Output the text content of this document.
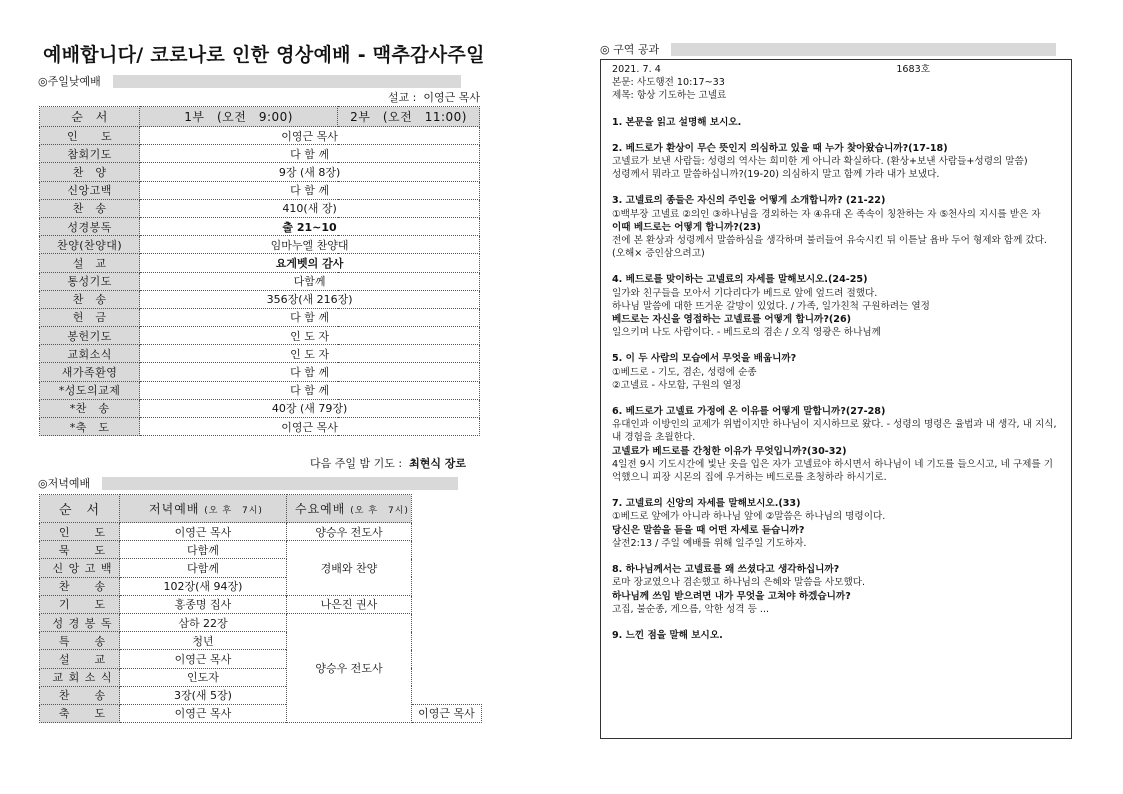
예배합니다/ 코로나로 인한 영상예배 - 맥추감사주일
◎주일낮예배
설교 : 이영근 목사
순　서	1부　(오전　9:00)	2부　(오전　11:00)
인　　도	이영근 목사	
참회기도	다 함 께	
찬　양	9장 (새 8장)	
신앙고백	다 함 께	
찬　송	410(새 장)	
성경봉독	출 21~10	
찬양(찬양대)	임마누엘 찬양대	
설　교	요게벳의 감사	
통성기도	다함께	
찬　송	356장(새 216장)	
헌　금	다 함 께	
봉헌기도	인 도 자	
교회소식	인 도 자	
새가족환영	다 함 께	
*성도의교제	다 함 께	
*찬　송	40장 (새 79장)	
*축　도	이영근 목사	
다음 주일 밤 기도 : 최현식 장로
◎저녁예배
순　서	저녁예배 (오 후　7시)	수요예배 (오 후　7시)	
인　　도	이영근 목사	양승우 전도사	
묵　　도	다함께	경배와 찬양	
신 앙 고 백	다함께		
찬　　송	102장(새 94장)		
기　　도	홍종명 집사	나은진 권사	
성 경 봉 독	삼하 22장	양승우 전도사	
특　　송	청년		
설　　교	이영근 목사		
교 회 소 식	인도자		
찬　　송	3장(새 5장)		
축　　도	이영근 목사		이영근 목사
◎ 구역 공과

2021. 7. 4	1683호

본문: 사도행전 10:17~33

제목: 항상 기도하는 고넬료

1. 본문을 읽고 설명해 보시오.

2. 베드로가 환상이 무슨 뜻인지 의심하고 있을 때 누가 찾아왔습니까?(17-18)

고넬료가 보낸 사람들: 성령의 역사는 희미한 게 아니라 확실하다. (환상+보낸 사람들+성령의 말씀)

성령께서 뭐라고 말씀하십니까?(19-20) 의심하지 말고 함께 가라 내가 보냈다.

3. 고넬료의 종들은 자신의 주인을 어떻게 소개합니까? (21-22)

①백부장 고넬료 ②의인 ③하나님을 경외하는 자 ④유대 온 족속이 칭찬하는 자 ⑤천사의 지시를 받은 자

이때 베드로는 어떻게 합니까?(23)

전에 본 환상과 성령께서 말씀하심을 생각하며 불러들여 유숙시킨 뒤 이튿날 욥바 두어 형제와 함께 갔다. (오해× 증인삼으려고)

4. 베드로를 맞이하는 고넬료의 자세를 말해보시오.(24-25)

일가와 친구들을 모아서 기다리다가 베드로 앞에 엎드려 절했다.

하나님 말씀에 대한 뜨거운 갈망이 있었다. / 가족, 일가친척 구원하려는 열정

베드로는 자신을 영접하는 고넬료를 어떻게 합니까?(26)

일으키며 나도 사람이다. - 베드로의 겸손 / 오직 영광은 하나님께

5. 이 두 사람의 모습에서 무엇을 배웁니까?

①베드로 - 기도, 겸손, 성령에 순종

②고넬료 - 사모함, 구원의 열정

6. 베드로가 고넬료 가정에 온 이유를 어떻게 말합니까?(27-28)

유대인과 이방인의 교제가 위법이지만 하나님이 지시하므로 왔다. - 성령의 명령은 율법과 내 생각, 내 지식, 내 경험을 초월한다.

고넬료가 베드로를 간청한 이유가 무엇입니까?(30-32)

4일전 9시 기도시간에 빛난 옷을 입은 자가 고넬료야 하시면서 하나님이 네 기도를 들으시고, 네 구제를 기억했으니 피장 시몬의 집에 우거하는 베드로를 초청하라 하시기로.

7. 고넬료의 신앙의 자세를 말해보시오.(33)

①베드로 앞에가 아니라 하나님 앞에 ②말씀은 하나님의 명령이다.

당신은 말씀을 듣을 때 어떤 자세로 듣습니까?

살전2:13 / 주일 예배를 위해 일주일 기도하자.

8. 하나님께서는 고넬료를 왜 쓰셨다고 생각하십니까?

로마 장교였으나 겸손했고 하나님의 은혜와 말씀을 사모했다.

하나님께 쓰임 받으려면 내가 무엇을 고쳐야 하겠습니까?

고집, 불순종, 게으름, 악한 성격 등 ...

9. 느낀 점을 말해 보시오.
